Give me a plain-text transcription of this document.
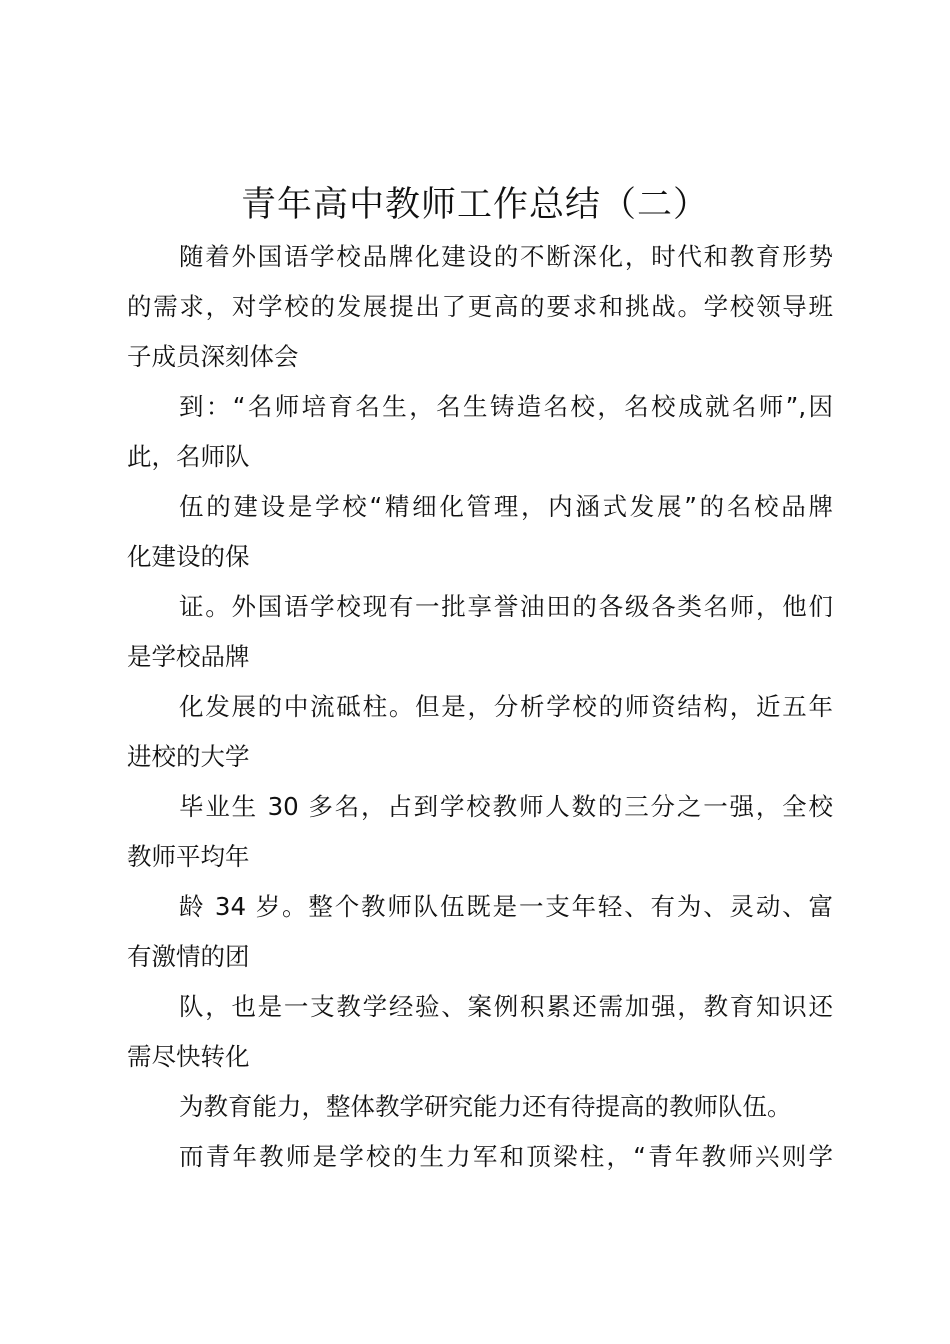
青年高中教师工作总结（二）
随着外国语学校品牌化建设的不断深化，时代和教育形势
的需求，对学校的发展提出了更高的要求和挑战。学校领导班
子成员深刻体会
到：“名师培育名生，名生铸造名校，名校成就名师”,因
此，名师队
伍的建设是学校“精细化管理，内涵式发展”的名校品牌
化建设的保
证。外国语学校现有一批享誉油田的各级各类名师，他们
是学校品牌
化发展的中流砥柱。但是，分析学校的师资结构，近五年
进校的大学
毕业生 30 多名，占到学校教师人数的三分之一强，全校
教师平均年
龄 34 岁。整个教师队伍既是一支年轻、有为、灵动、富
有激情的团
队，也是一支教学经验、案例积累还需加强，教育知识还
需尽快转化
为教育能力，整体教学研究能力还有待提高的教师队伍。
而青年教师是学校的生力军和顶梁柱，“青年教师兴则学
